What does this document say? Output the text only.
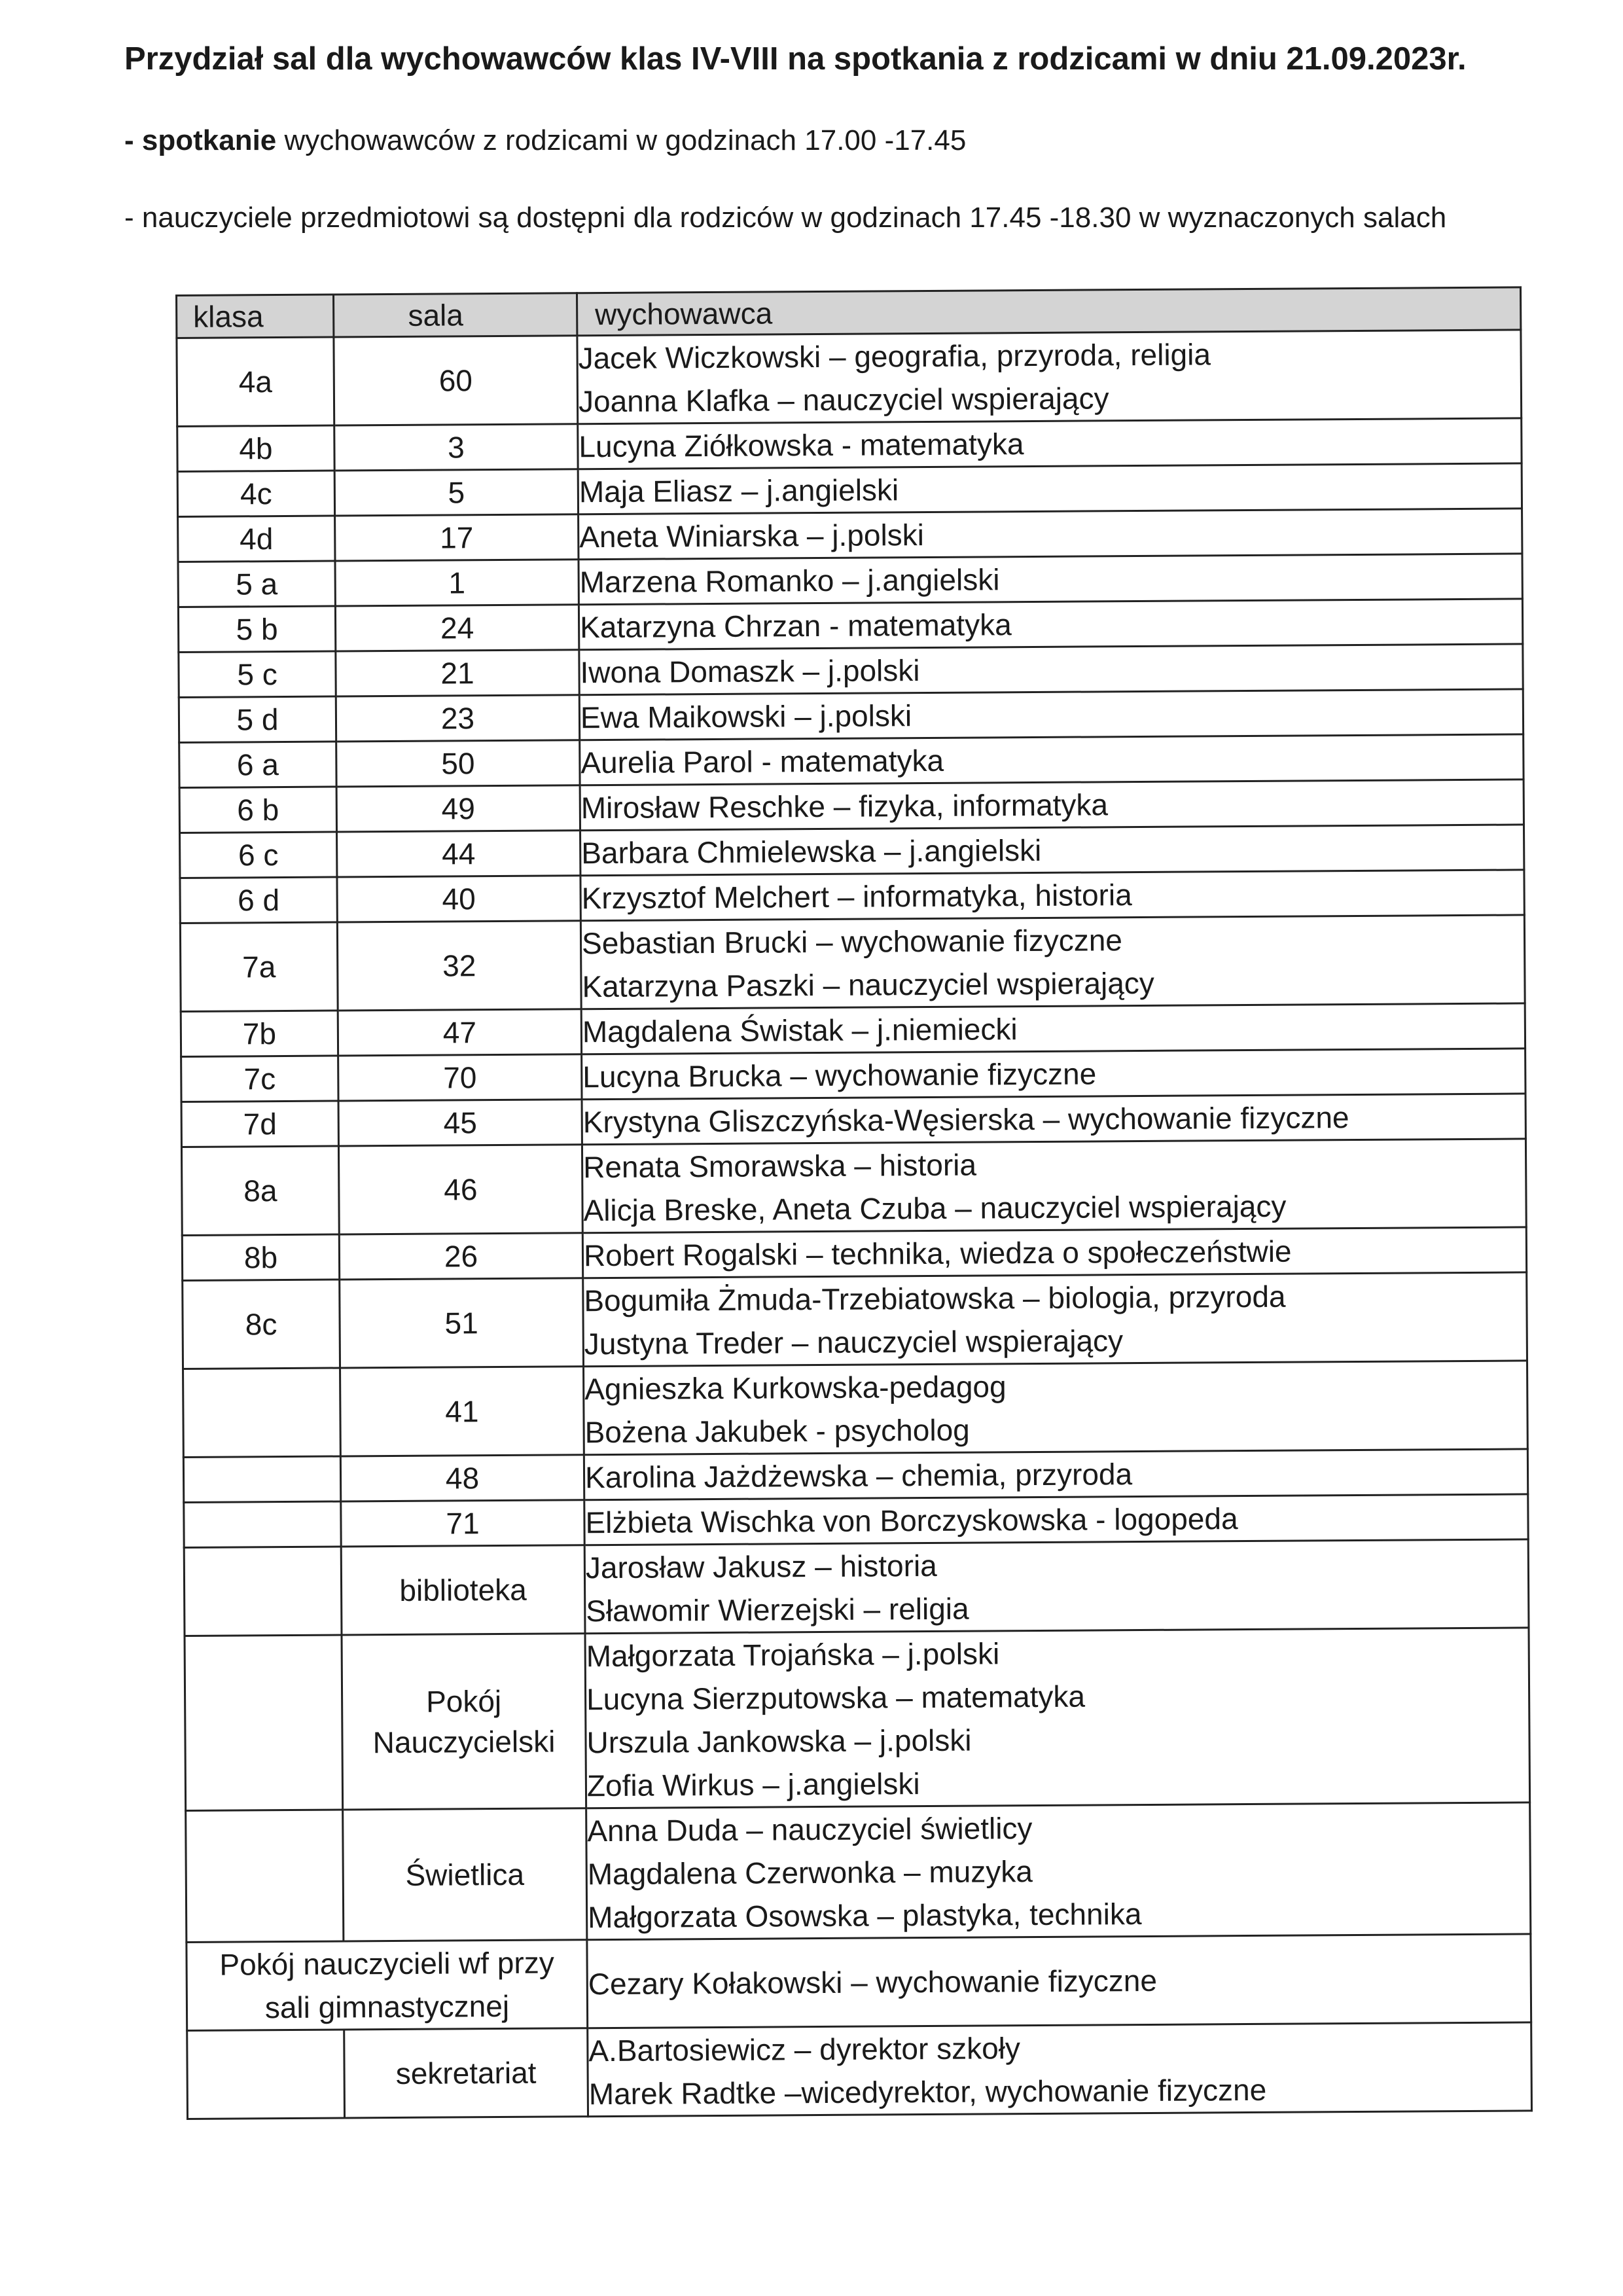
Przydział sal dla wychowawców klas IV-VIII na spotkania z rodzicami w dniu 21.09.2023r.
- spotkanie wychowawców z rodzicami w godzinach 17.00 -17.45
- nauczyciele przedmiotowi są dostępni dla rodziców w godzinach 17.45 -18.30 w wyznaczonych salach
klasa	sala	wychowawca
4a	60	Jacek Wiczkowski – geografia, przyroda, religia
Joanna Klafka – nauczyciel wspierający

4b	3	Lucyna Ziółkowska - matematyka

4c	5	Maja Eliasz – j.angielski

4d	17	Aneta Winiarska – j.polski

5 a	1	Marzena Romanko – j.angielski

5 b	24	Katarzyna Chrzan - matematyka

5 c	21	Iwona Domaszk – j.polski

5 d	23	Ewa Maikowski – j.polski

6 a	50	Aurelia Parol - matematyka

6 b	49	Mirosław Reschke – fizyka, informatyka

6 c	44	Barbara Chmielewska – j.angielski

6 d	40	Krzysztof Melchert – informatyka, historia

7a	32	Sebastian Brucki – wychowanie fizyczne
Katarzyna Paszki – nauczyciel wspierający

7b	47	Magdalena Świstak – j.niemiecki

7c	70	Lucyna Brucka – wychowanie fizyczne

7d	45	Krystyna Gliszczyńska-Węsierska – wychowanie fizyczne

8a	46	Renata Smorawska – historia
Alicja Breske, Aneta Czuba – nauczyciel wspierający

8b	26	Robert Rogalski – technika, wiedza o społeczeństwie

8c	51	Bogumiła Żmuda-Trzebiatowska – biologia, przyroda
Justyna Treder – nauczyciel wspierający

	41	Agnieszka Kurkowska-pedagog
Bożena Jakubek - psycholog

	48	Karolina Jażdżewska – chemia, przyroda

	71	Elżbieta Wischka von Borczyskowska - logopeda

	biblioteka	Jarosław Jakusz – historia
Sławomir Wierzejski – religia

	Pokój
Nauczycielski	Małgorzata Trojańska – j.polski
Lucyna Sierzputowska – matematyka
Urszula Jankowska – j.polski
Zofia Wirkus – j.angielski

	Świetlica	Anna Duda – nauczyciel świetlicy
Magdalena Czerwonka – muzyka
Małgorzata Osowska – plastyka, technika

Pokój nauczycieli wf przy
sali gimnastycznej		Cezary Kołakowski – wychowanie fizyczne

	sekretariat	A.Bartosiewicz – dyrektor szkoły
Marek Radtke –wicedyrektor, wychowanie fizyczne
